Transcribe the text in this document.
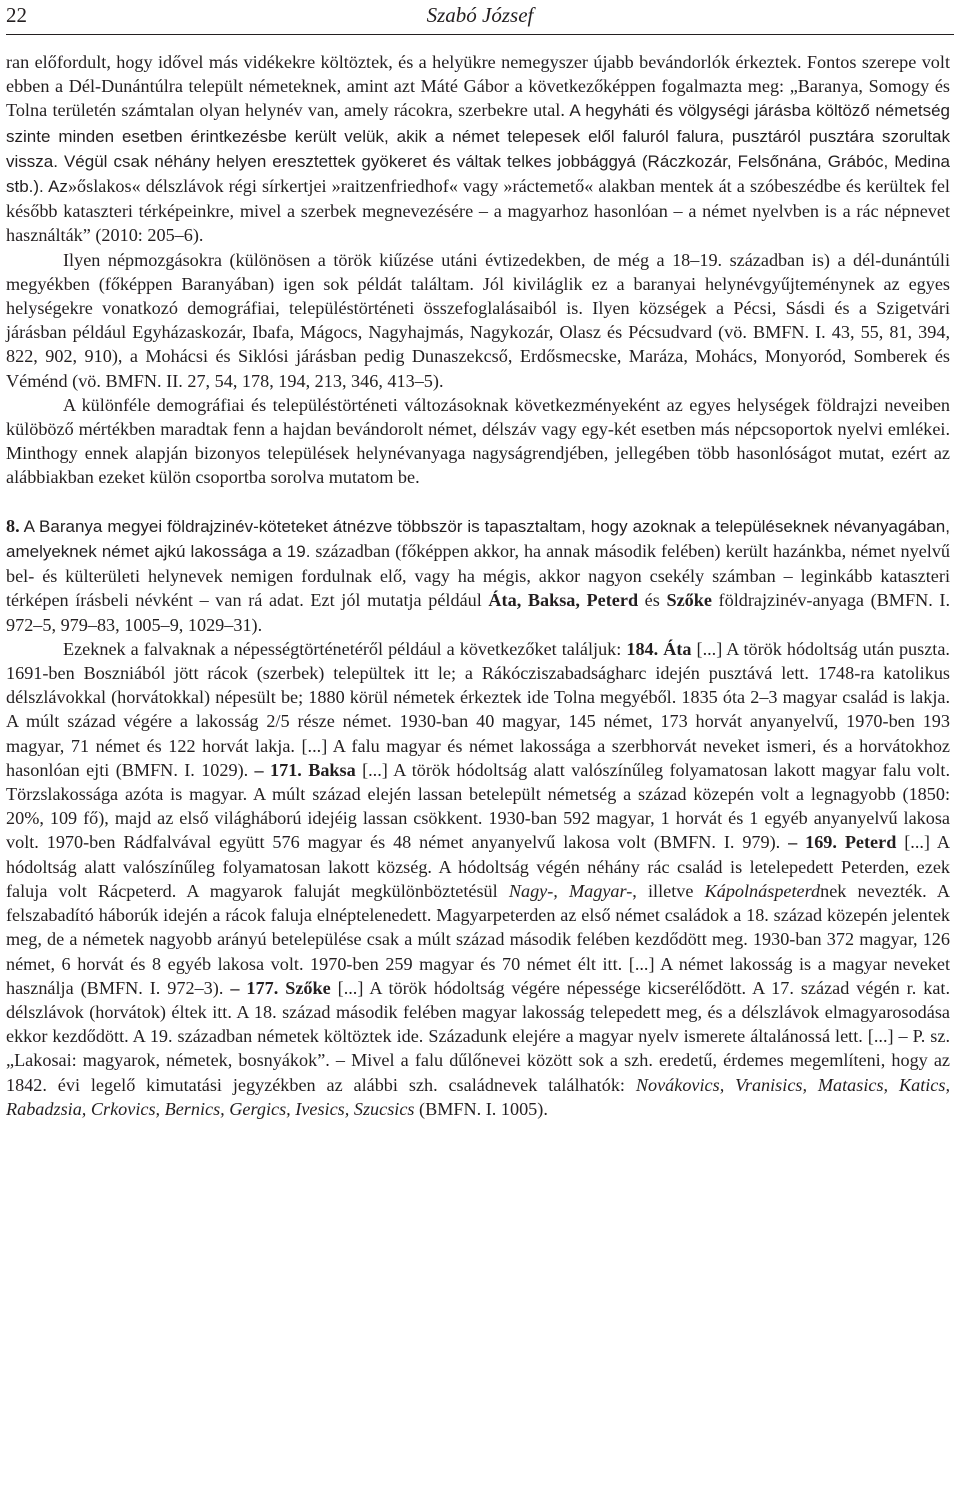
22	Szabó József

ran előfordult, hogy idővel más vidékekre költöztek, és a helyükre nemegyszer újabb bevándorlók érkeztek. Fontos szerepe volt ebben a Dél-Dunántúlra települt németeknek, amint azt Máté Gábor a következőképpen fogalmazta meg: „Baranya, Somogy és Tolna területén számtalan olyan helynév van, amely rácokra, szerbekre utal. A hegyháti és völgységi járásba költöző németség szinte minden esetben érintkezésbe került velük, akik a német telepesek elől faluról falura, pusztáról pusztára szorultak vissza. Végül csak néhány helyen eresztettek gyökeret és váltak telkes jobbággyá (Ráczkozár, Felsőnána, Grábóc, Medina stb.). Az»őslakos« délszlávok régi sírkertjei »raitzenfriedhof« vagy »ráctemető« alakban mentek át a szóbeszédbe és kerültek fel később kataszteri térképeinkre, mivel a szerbek megnevezésére – a magyarhoz hasonlóan – a német nyelvben is a rác népnevet használták” (2010: 205–6).

Ilyen népmozgásokra (különösen a török kiűzése utáni évtizedekben, de még a 18–19. században is) a dél-dunántúli megyékben (főképpen Baranyában) igen sok példát találtam. Jól kiviláglik ez a baranyai helynévgyűjteménynek az egyes helységekre vonatkozó demográfiai, településtörténeti összefoglalásaiból is. Ilyen községek a Pécsi, Sásdi és a Szigetvári járásban például Egyházaskozár, Ibafa, Mágocs, Nagyhajmás, Nagykozár, Olasz és Pécsudvard (vö. BMFN. I. 43, 55, 81, 394, 822, 902, 910), a Mohácsi és Siklósi járásban pedig Dunaszekcső, Erdősmecske, Maráza, Mohács, Monyoród, Somberek és Véménd (vö. BMFN. II. 27, 54, 178, 194, 213, 346, 413–5).

A különféle demográfiai és településtörténeti változásoknak következményeként az egyes helységek földrajzi neveiben külöböző mértékben maradtak fenn a hajdan bevándorolt német, délszáv vagy egy-két esetben más népcsoportok nyelvi emlékei. Minthogy ennek alapján bizonyos települések helynévanyaga nagyságrendjében, jellegében több hasonlóságot mutat, ezért az alábbiakban ezeket külön csoportba sorolva mutatom be.

8. A Baranya megyei földrajzinév-köteteket átnézve többször is tapasztaltam, hogy azoknak a településeknek névanyagában, amelyeknek német ajkú lakossága a 19. században (főképpen akkor, ha annak második felében) került hazánkba, német nyelvű bel- és külterületi helynevek nemigen fordulnak elő, vagy ha mégis, akkor nagyon csekély számban – leginkább kataszteri térképen írásbeli névként – van rá adat. Ezt jól mutatja például Áta, Baksa, Peterd és Szőke földrajzinév-anyaga (BMFN. I. 972–5, 979–83, 1005–9, 1029–31).

Ezeknek a falvaknak a népességtörténetéről például a következőket találjuk: 184. Áta [...] A török hódoltság után puszta. 1691-ben Boszniából jött rácok (szerbek) települtek itt le; a Rákócziszabadságharc idején pusztává lett. 1748-ra katolikus délszlávokkal (horvátokkal) népesült be; 1880 körül németek érkeztek ide Tolna megyéből. 1835 óta 2–3 magyar család is lakja. A múlt század végére a lakosság 2/5 része német. 1930-ban 40 magyar, 145 német, 173 horvát anyanyelvű, 1970-ben 193 magyar, 71 német és 122 horvát lakja. [...] A falu magyar és német lakossága a szerbhorvát neveket ismeri, és a horvátokhoz hasonlóan ejti (BMFN. I. 1029). – 171. Baksa [...] A török hódoltság alatt valószínűleg folyamatosan lakott magyar falu volt. Törzslakossága azóta is magyar. A múlt század elején lassan betelepült németség a század közepén volt a legnagyobb (1850: 20%, 109 fő), majd az első világháború idejéig lassan csökkent. 1930-ban 592 magyar, 1 horvát és 1 egyéb anyanyelvű lakosa volt. 1970-ben Rádfalvával együtt 576 magyar és 48 német anyanyelvű lakosa volt (BMFN. I. 979). – 169. Peterd [...] A hódoltság alatt valószínűleg folyamatosan lakott község. A hódoltság végén néhány rác család is letelepedett Peterden, ezek faluja volt Rácpeterd. A magyarok faluját megkülönböztetésül Nagy-, Magyar-, illetve Kápolnáspeterdnek nevezték. A felszabadító háborúk idején a rácok faluja elnéptelenedett. Magyarpeterden az első német családok a 18. század közepén jelentek meg, de a németek nagyobb arányú betelepülése csak a múlt század második felében kezdődött meg. 1930-ban 372 magyar, 126 német, 6 horvát és 8 egyéb lakosa volt. 1970-ben 259 magyar és 70 német élt itt. [...] A német lakosság is a magyar neveket használja (BMFN. I. 972–3). – 177. Szőke [...] A török hódoltság végére népessége kicserélődött. A 17. század végén r. kat. délszlávok (horvátok) éltek itt. A 18. század második felében magyar lakosság telepedett meg, és a délszlávok elmagyarosodása ekkor kezdődött. A 19. században németek költöztek ide. Századunk elejére a magyar nyelv ismerete általánossá lett. [...] – P. sz. „Lakosai: magyarok, németek, bosnyákok”. – Mivel a falu dűlőnevei között sok a szh. eredetű, érdemes megemlíteni, hogy az 1842. évi legelő kimutatási jegyzékben az alábbi szh. családnevek találhatók: Novákovics, Vranisics, Matasics, Katics, Rabadzsia, Crkovics, Bernics, Gergics, Ivesics, Szucsics (BMFN. I. 1005).
